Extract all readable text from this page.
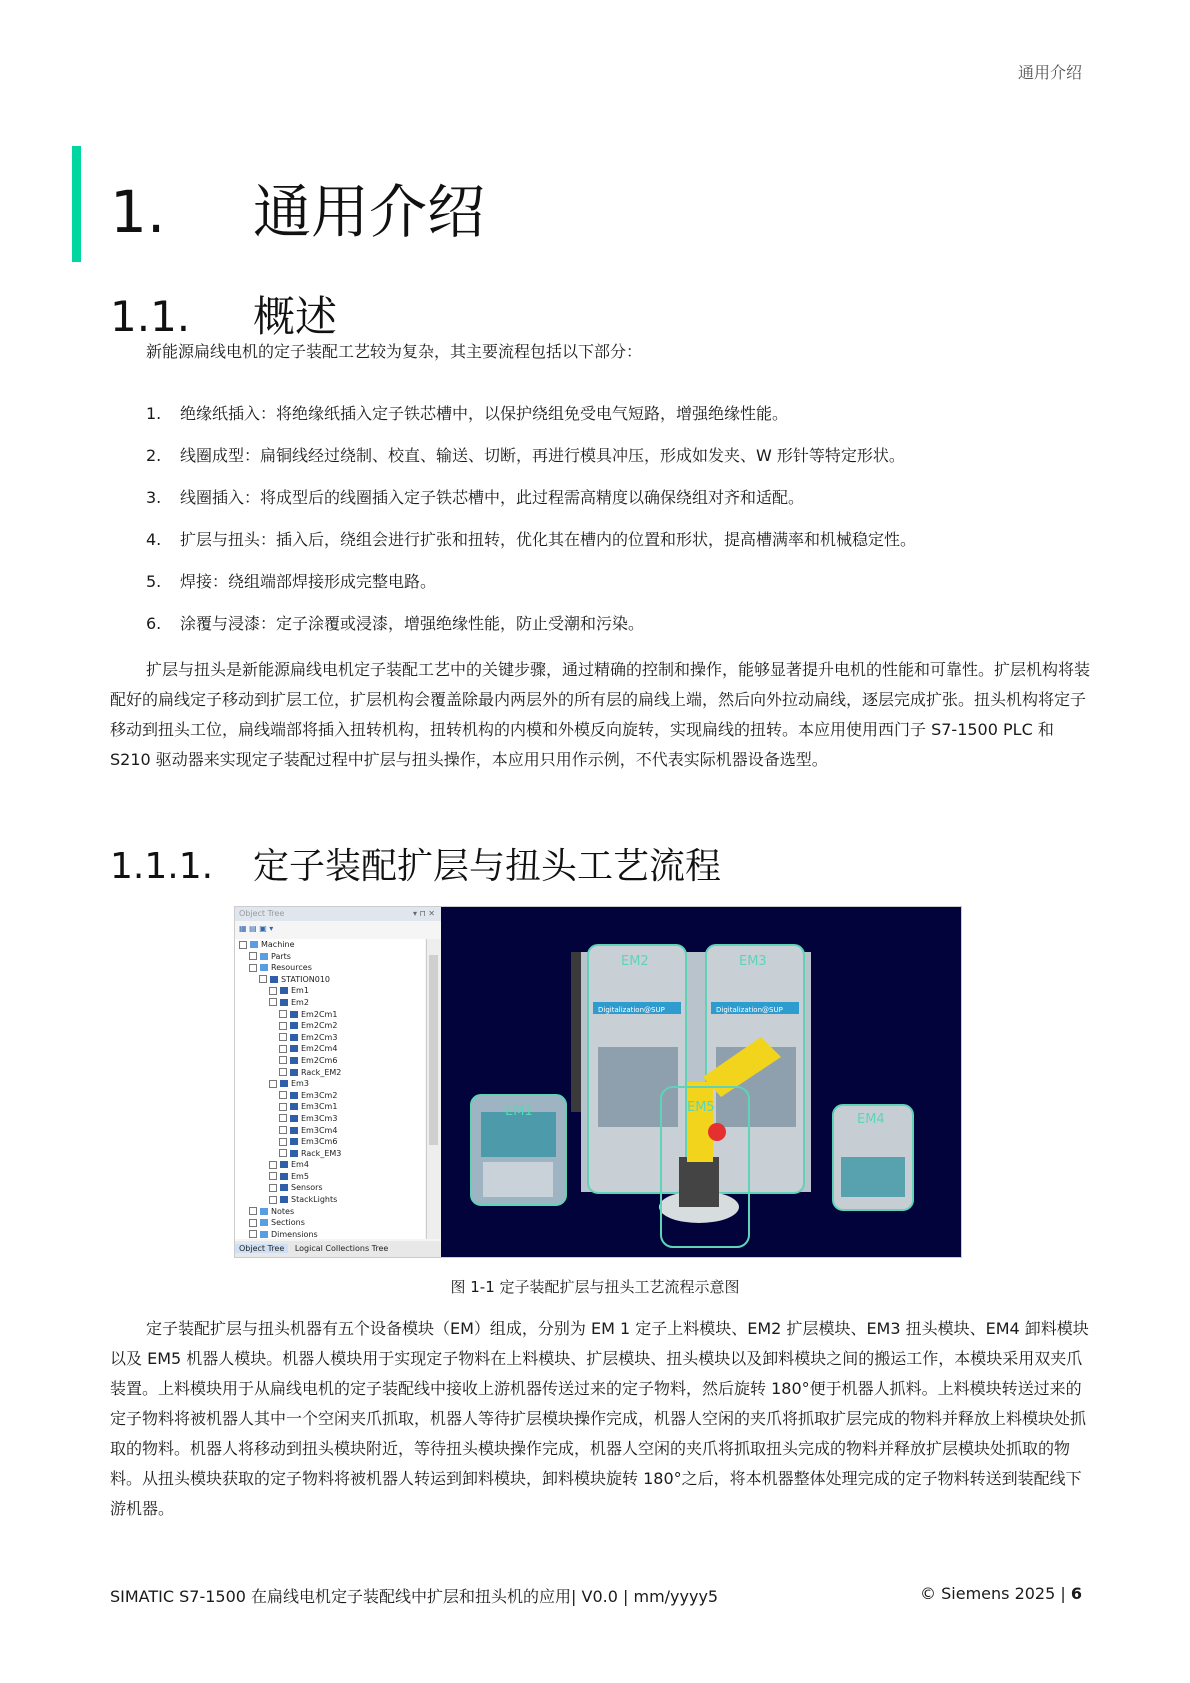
通用介绍
1. 通用介绍
1.1. 概述

新能源扁线电机的定子装配工艺较为复杂，其主要流程包括以下部分：

1. 绝缘纸插入：将绝缘纸插入定子铁芯槽中，以保护绕组免受电气短路，增强绝缘性能。
2. 线圈成型：扁铜线经过绕制、校直、输送、切断，再进行模具冲压，形成如发夹、W 形针等特定形状。
3. 线圈插入：将成型后的线圈插入定子铁芯槽中，此过程需高精度以确保绕组对齐和适配。
4. 扩层与扭头：插入后，绕组会进行扩张和扭转，优化其在槽内的位置和形状，提高槽满率和机械稳定性。
5. 焊接：绕组端部焊接形成完整电路。
6. 涂覆与浸漆：定子涂覆或浸漆，增强绝缘性能，防止受潮和污染。

扩层与扭头是新能源扁线电机定子装配工艺中的关键步骤，通过精确的控制和操作，能够显著提升电机的性能和可靠性。扩层机构将装配好的扁线定子移动到扩层工位，扩层机构会覆盖除最内两层外的所有层的扁线上端，然后向外拉动扁线，逐层完成扩张。扭头机构将定子移动到扭头工位，扁线端部将插入扭转机构，扭转机构的内模和外模反向旋转，实现扁线的扭转。本应用使用西门子 S7-1500 PLC 和 S210 驱动器来实现定子装配过程中扩层与扭头操作，本应用只用作示例，不代表实际机器设备选型。

1.1.1. 定子装配扩层与扭头工艺流程
Object Tree	▾ ⊓ ✕
▦ ▤ ▣ ▾
Machine
Parts
Resources
STATION010
Em1
Em2
Em2Cm1
Em2Cm2
Em2Cm3
Em2Cm4
Em2Cm6
Rack_EM2
Em3
Em3Cm2
Em3Cm1
Em3Cm3
Em3Cm4
Em3Cm6
Rack_EM3
Em4
Em5
Sensors
StackLights
Notes
Sections
Dimensions
Object Tree Logical Collections Tree
EM1
Digitalization@SUP
EM2
Digitalization@SUP
EM3
EM5
EM4
图 1-1 定子装配扩层与扭头工艺流程示意图

定子装配扩层与扭头机器有五个设备模块（EM）组成，分别为 EM 1 定子上料模块、EM2 扩层模块、EM3 扭头模块、EM4 卸料模块以及 EM5 机器人模块。机器人模块用于实现定子物料在上料模块、扩层模块、扭头模块以及卸料模块之间的搬运工作，本模块采用双夹爪装置。上料模块用于从扁线电机的定子装配线中接收上游机器传送过来的定子物料，然后旋转 180°便于机器人抓料。上料模块转送过来的定子物料将被机器人其中一个空闲夹爪抓取，机器人等待扩层模块操作完成，机器人空闲的夹爪将抓取扩层完成的物料并释放上料模块处抓取的物料。机器人将移动到扭头模块附近，等待扭头模块操作完成，机器人空闲的夹爪将抓取扭头完成的物料并释放扩层模块处抓取的物料。从扭头模块获取的定子物料将被机器人转运到卸料模块，卸料模块旋转 180°之后，将本机器整体处理完成的定子物料转送到装配线下游机器。

SIMATIC S7-1500 在扁线电机定子装配线中扩层和扭头机的应用| V0.0 | mm/yyyy5	© Siemens 2025 | 6
